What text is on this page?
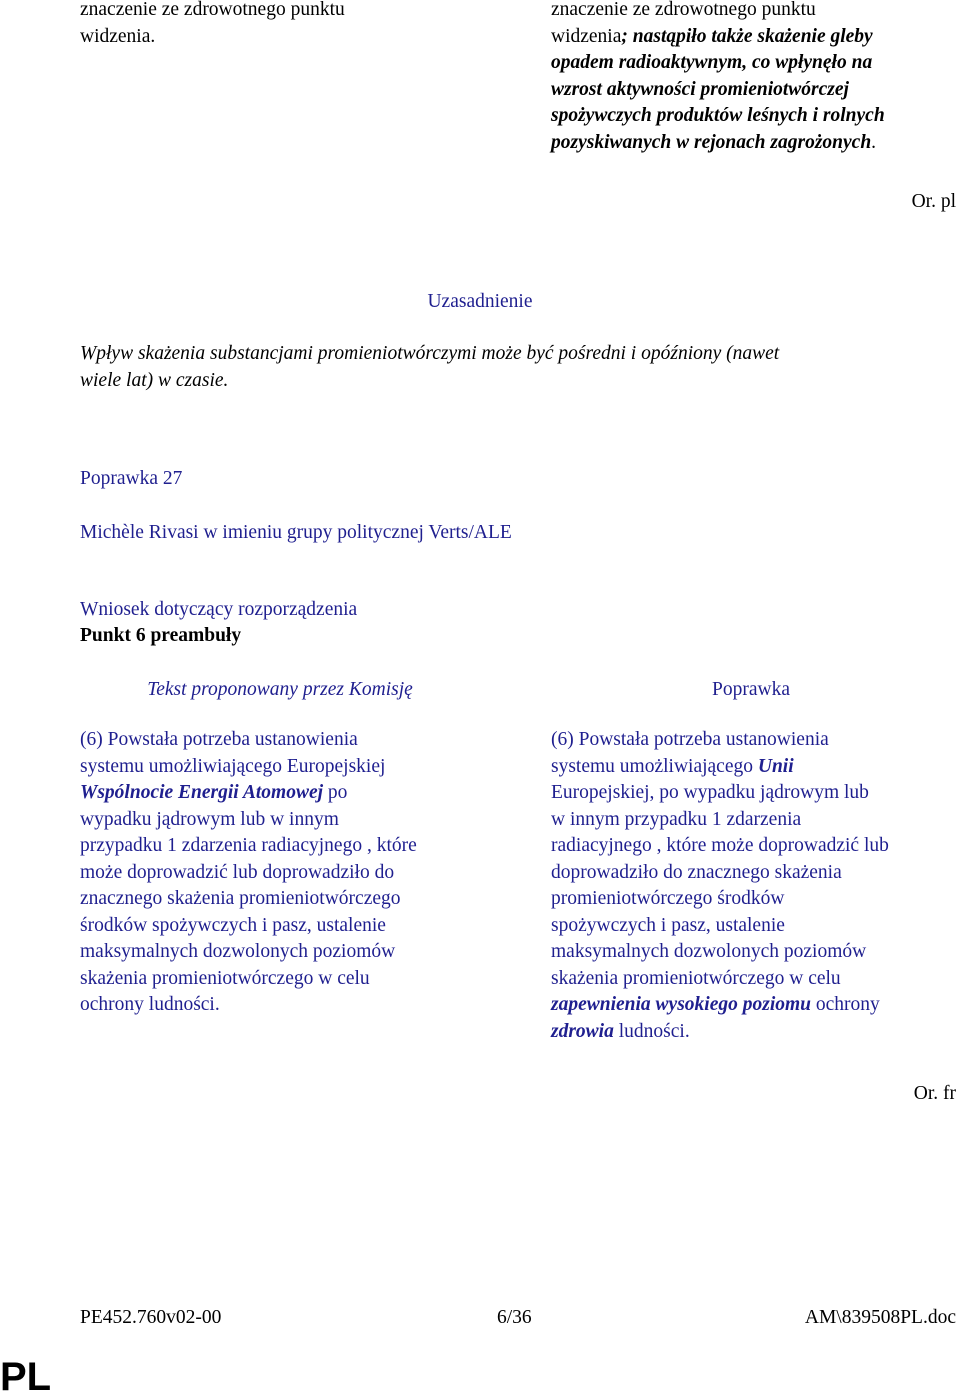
znaczenie ze zdrowotnego punktu
widzenia.
znaczenie ze zdrowotnego punktu
widzenia; nastąpiło także skażenie gleby
opadem radioaktywnym, co wpłynęło na
wzrost aktywności promieniotwórczej
spożywczych produktów leśnych i rolnych
pozyskiwanych w rejonach zagrożonych.
Or. pl
Uzasadnienie
Wpływ skażenia substancjami promieniotwórczymi może być pośredni i opóźniony (nawet
wiele lat) w czasie.
Poprawka 27
Michèle Rivasi w imieniu grupy politycznej Verts/ALE
Wniosek dotyczący rozporządzenia
Punkt 6 preambuły
Tekst proponowany przez Komisję	Poprawka
(6) Powstała potrzeba ustanowienia
systemu umożliwiającego Europejskiej
Wspólnocie Energii Atomowej po
wypadku jądrowym lub w innym
przypadku 1 zdarzenia radiacyjnego , które
może doprowadzić lub doprowadziło do
znacznego skażenia promieniotwórczego
środków spożywczych i pasz, ustalenie
maksymalnych dozwolonych poziomów
skażenia promieniotwórczego w celu
ochrony ludności.
(6) Powstała potrzeba ustanowienia
systemu umożliwiającego Unii
Europejskiej, po wypadku jądrowym lub
w innym przypadku 1 zdarzenia
radiacyjnego , które może doprowadzić lub
doprowadziło do znacznego skażenia
promieniotwórczego środków
spożywczych i pasz, ustalenie
maksymalnych dozwolonych poziomów
skażenia promieniotwórczego w celu
zapewnienia wysokiego poziomu ochrony
zdrowia ludności.
Or. fr
PE452.760v02-00	6/36	AM\839508PL.doc
PL
